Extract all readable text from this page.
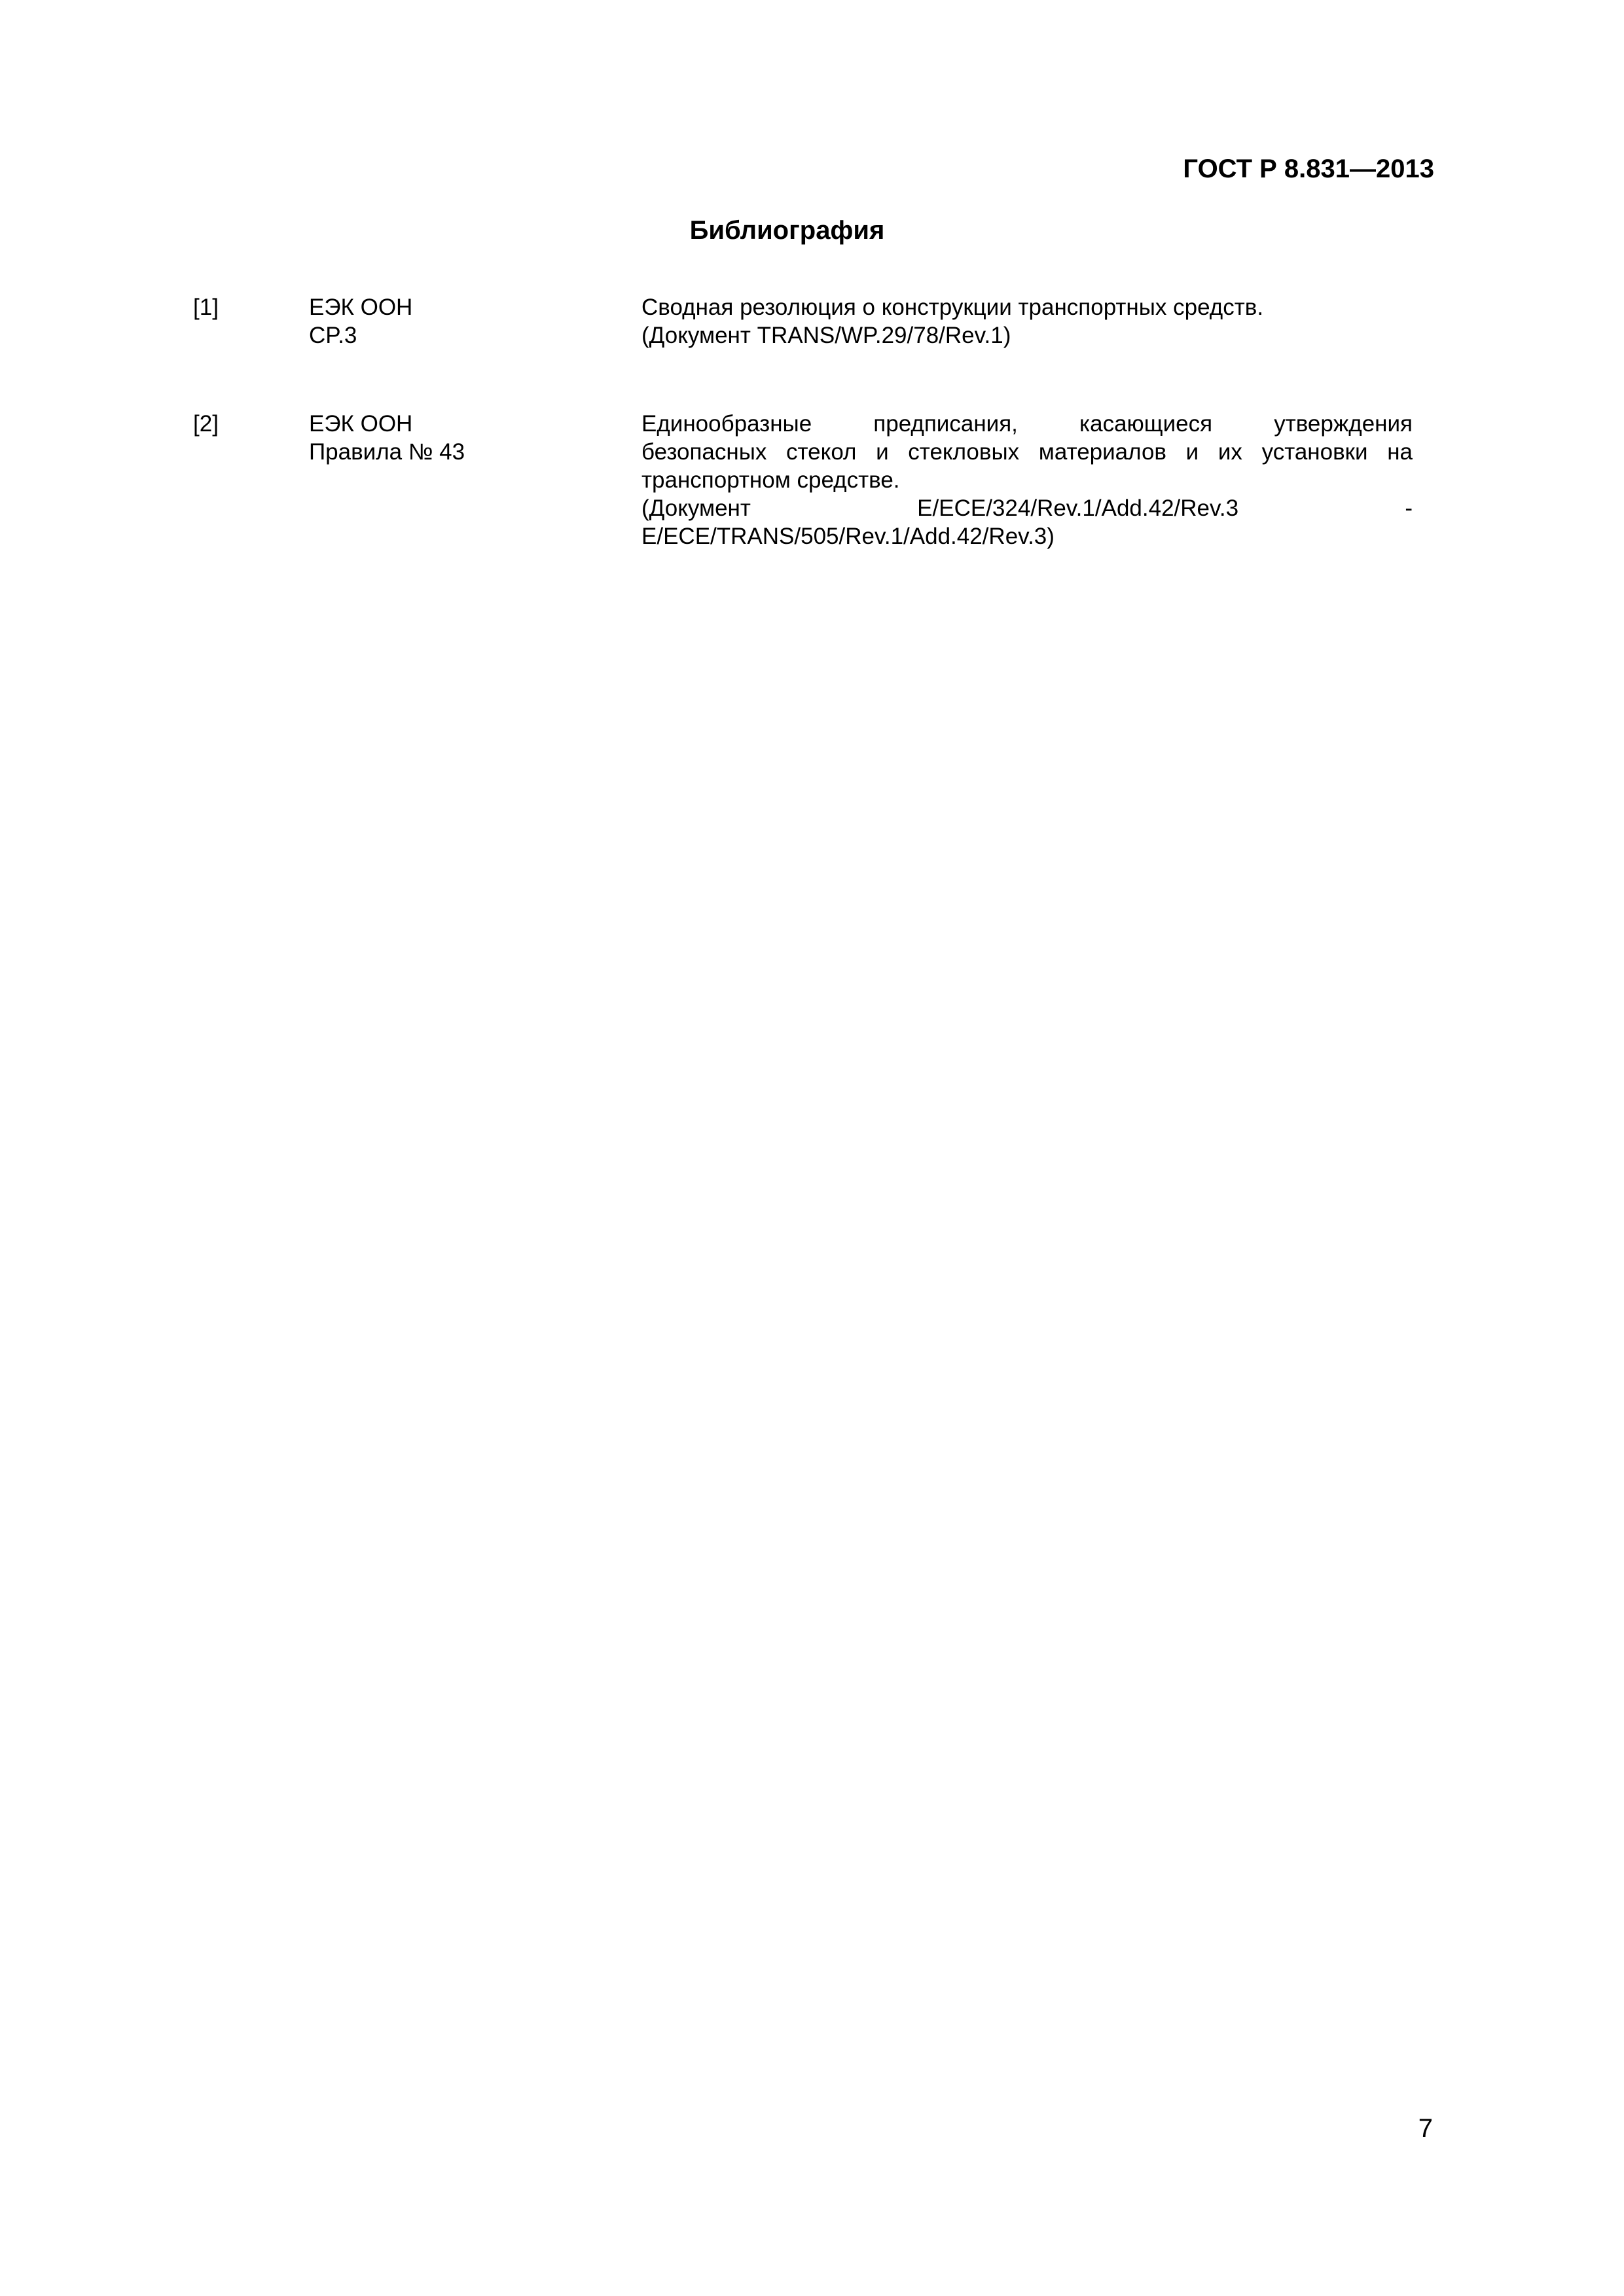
ГОСТ Р 8.831—2013
Библиография
[1]	ЕЭК ООН
CP.3
Сводная резолюция о конструкции транспортных средств.
(Документ TRANS/WP.29/78/Rev.1)
[2]	ЕЭК ООН
Правила № 43
Единообразные предписания, касающиеся утверждения
безопасных стекол и стекловых материалов и их установки на
транспортном средстве.
(Документ E/ECE/324/Rev.1/Add.42/Rev.3 -
E/ECE/TRANS/505/Rev.1/Add.42/Rev.3)
7
